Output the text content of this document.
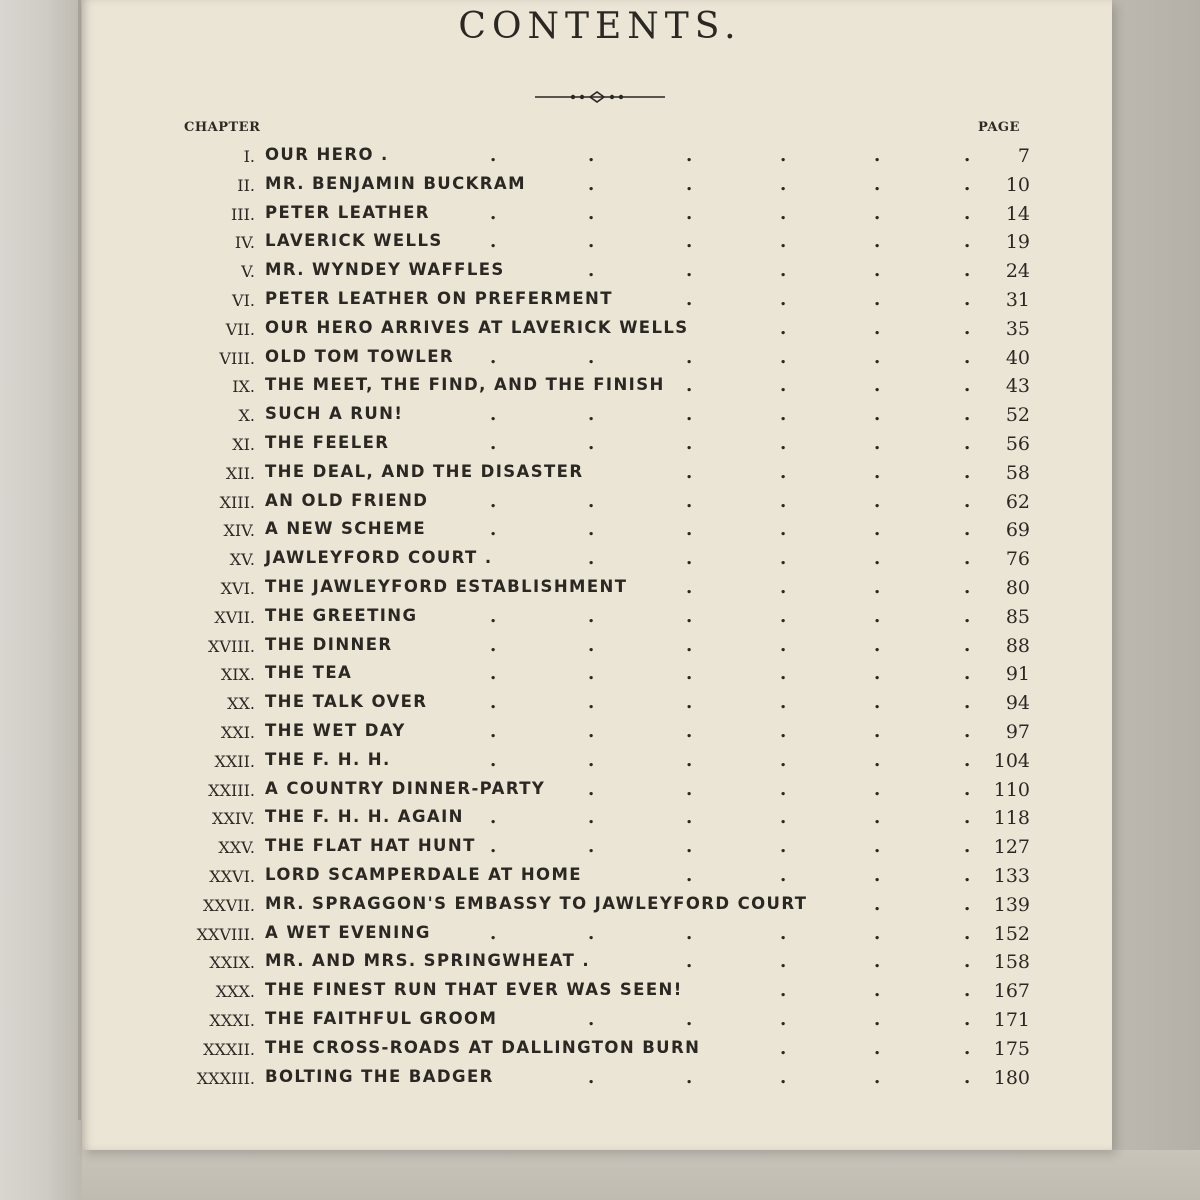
CONTENTS.
CHAPTER	PAGE
I. OUR HERO .	.	.	.	.	.	.	7
II. MR. BENJAMIN BUCKRAM	.	.	.	.	.	10
III. PETER LEATHER	.	.	.	.	.	.	14
IV. LAVERICK WELLS	.	.	.	.	.	.	19
V. MR. WYNDEY WAFFLES	.	.	.	.	.	24
VI. PETER LEATHER ON PREFERMENT	.	.	.	.	31
VII. OUR HERO ARRIVES AT LAVERICK WELLS	.	.	.	35
VIII. OLD TOM TOWLER .	.	.	.	.	.	40
IX. THE MEET, THE FIND, AND THE FINISH .	.	.	.	43
X. SUCH A RUN!	.	.	.	.	.	.	52
XI. THE FEELER	.	.	.	.	.	.	56
XII. THE DEAL, AND THE DISASTER	.	.	.	.	58
XIII. AN OLD FRIEND	.	.	.	.	.	.	62
XIV. A NEW SCHEME	.	.	.	.	.	.	69
XV. JAWLEYFORD COURT .	.	.	.	.	.	76
XVI. THE JAWLEYFORD ESTABLISHMENT	.	.	.	.	80
XVII. THE GREETING	.	.	.	.	.	.	85
XVIII. THE DINNER	.	.	.	.	.	.	88
XIX. THE TEA	.	.	.	.	.	.	91
XX. THE TALK OVER	.	.	.	.	.	.	94
XXI. THE WET DAY	.	.	.	.	.	.	97
XXII. THE F. H. H.	.	.	.	.	.	.	104
XXIII. A COUNTRY DINNER-PARTY .	.	.	.	.	110
XXIV. THE F. H. H. AGAIN .	.	.	.	.	.	118
XXV. THE FLAT HAT HUNT .	.	.	.	.	.	127
XXVI. LORD SCAMPERDALE AT HOME	.	.	.	.	133
XXVII. MR. SPRAGGON'S EMBASSY TO JAWLEYFORD COURT	.	.	139
XXVIII. A WET EVENING	.	.	.	.	.	.	152
XXIX. MR. AND MRS. SPRINGWHEAT .	.	.	.	.	158
XXX. THE FINEST RUN THAT EVER WAS SEEN!	.	.	.	167
XXXI. THE FAITHFUL GROOM	.	.	.	.	.	171
XXXII. THE CROSS-ROADS AT DALLINGTON BURN	.	.	.	175
XXXIII. BOLTING THE BADGER	.	.	.	.	.	180
